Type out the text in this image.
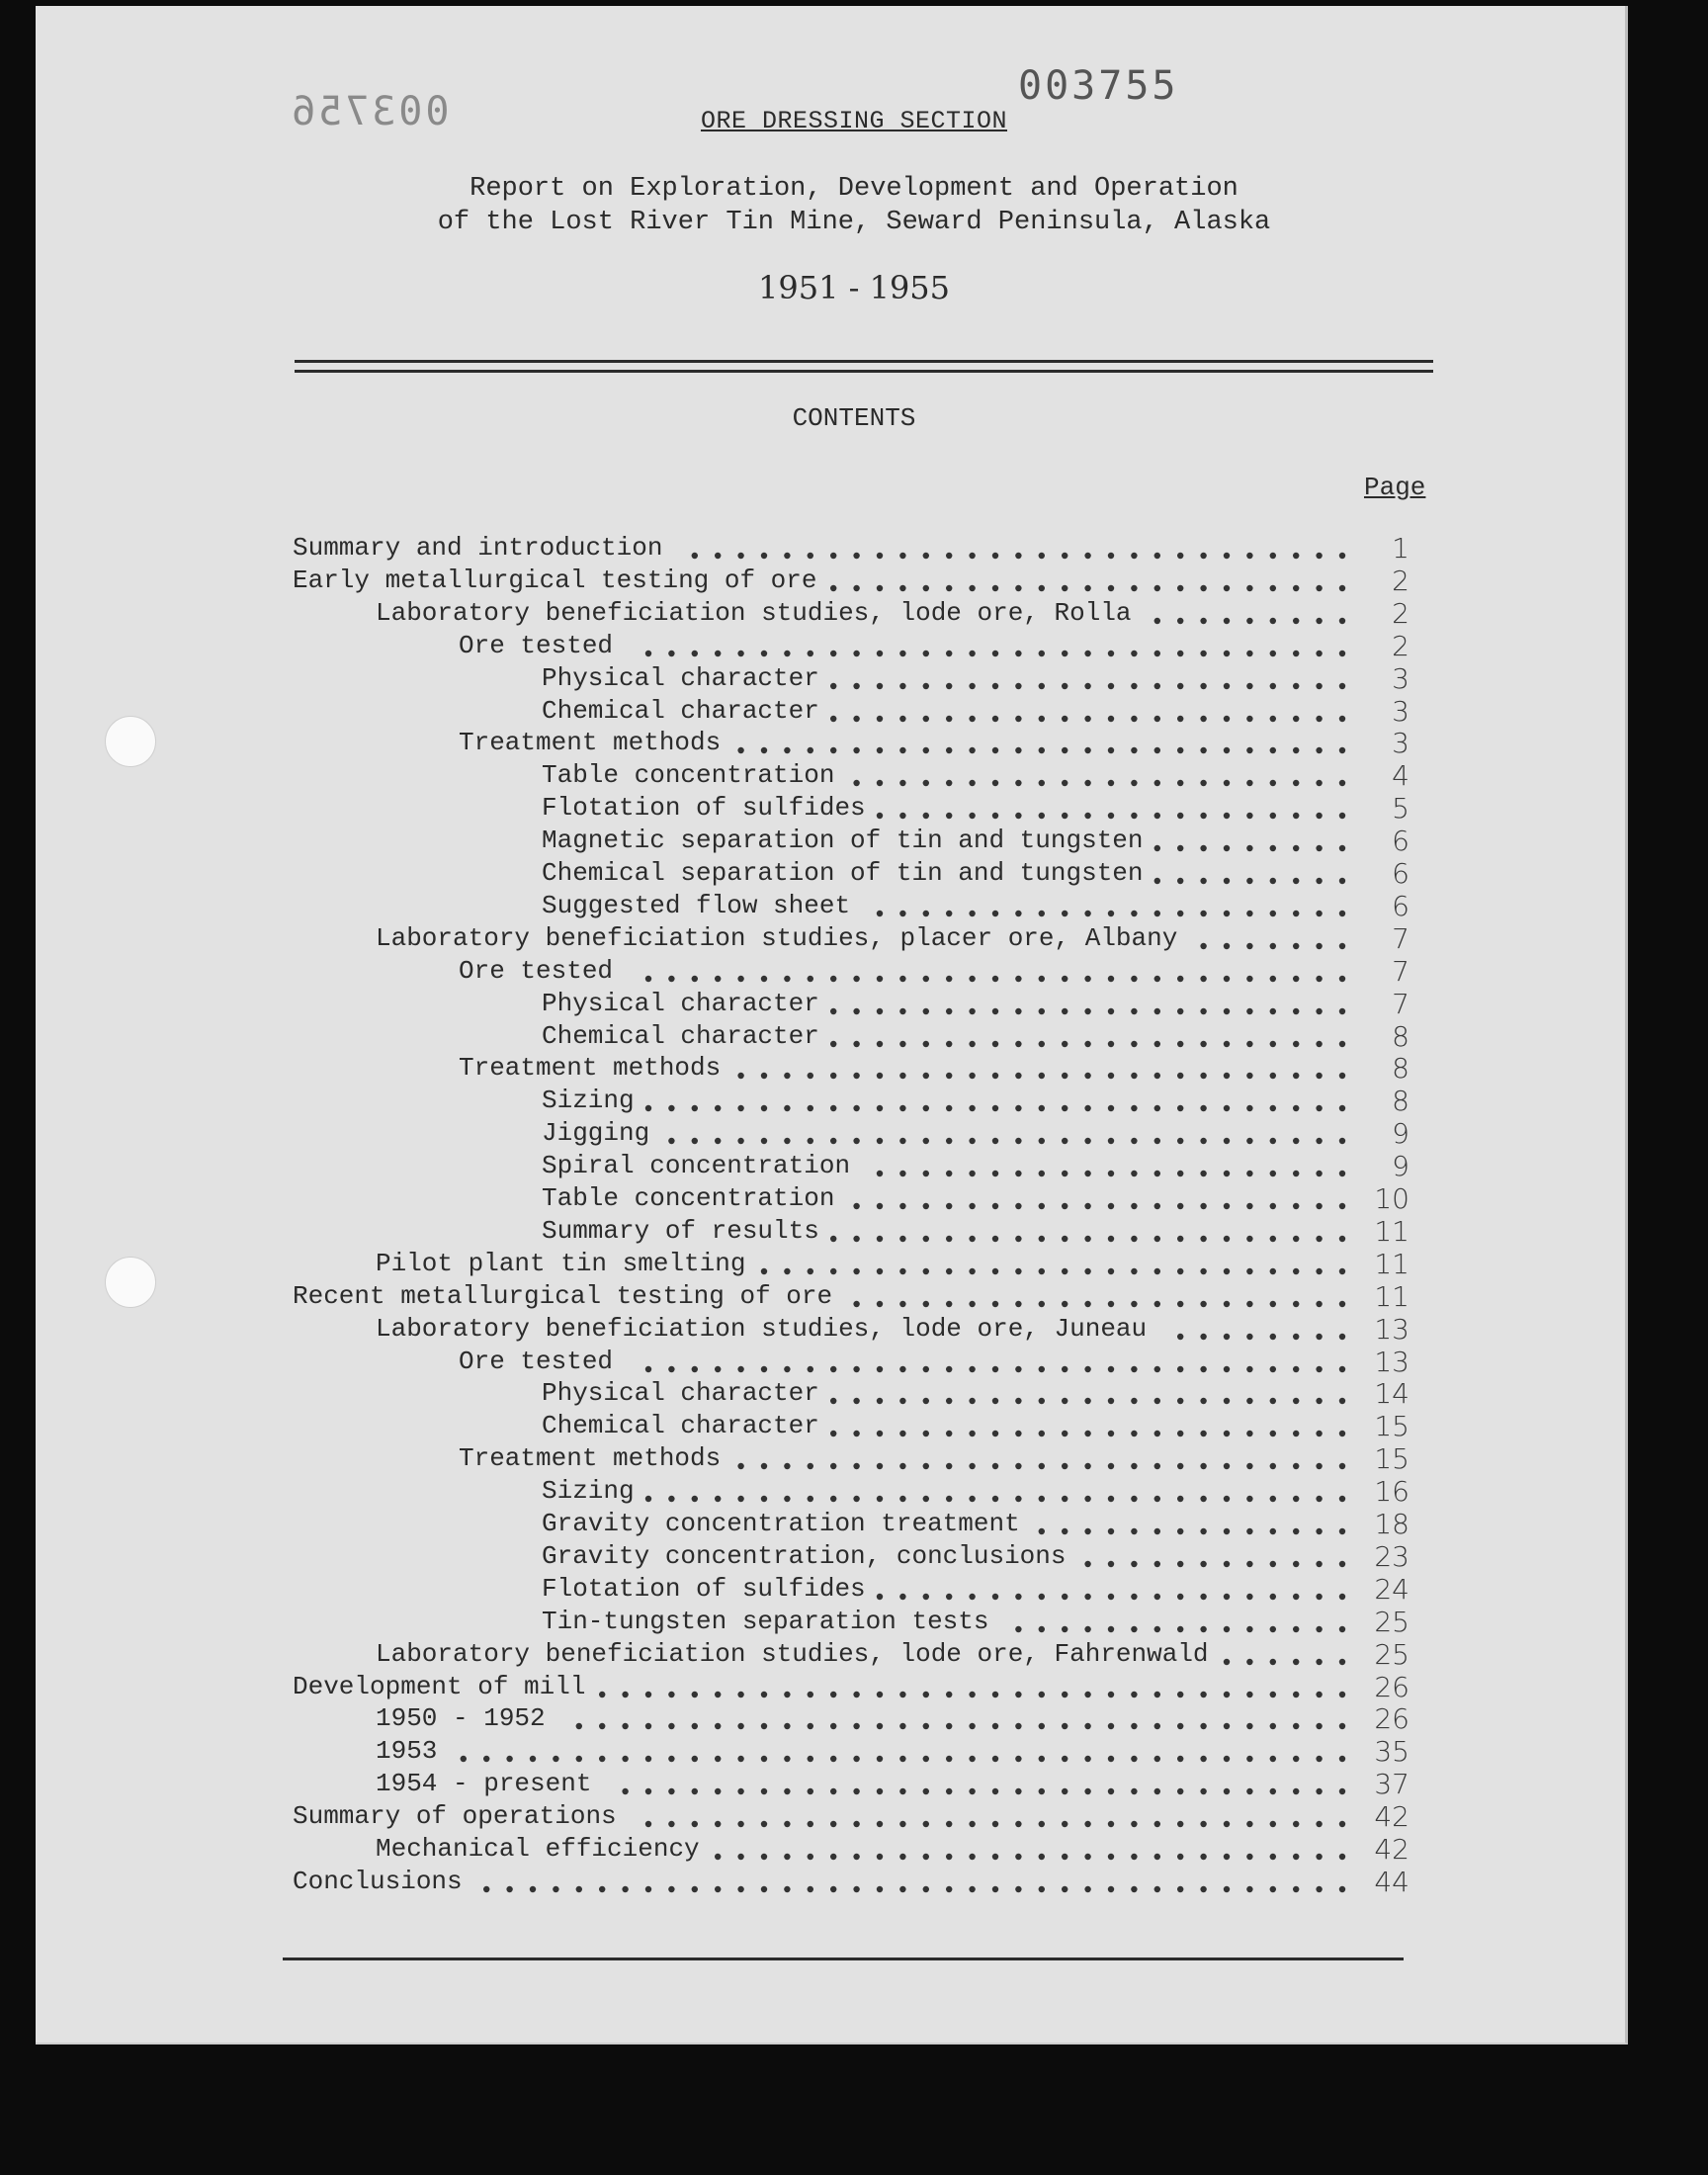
003755
003756	ORE DRESSING SECTION
Report on Exploration, Development and Operation
of the Lost River Tin Mine, Seward Peninsula, Alaska
1951 - 1955
CONTENTS
Page
Summary and introduction	1
Early metallurgical testing of ore	2
Laboratory beneficiation studies, lode ore, Rolla	2
Ore tested	2
Physical character	3
Chemical character	3
Treatment methods	3
Table concentration	4
Flotation of sulfides	5
Magnetic separation of tin and tungsten	6
Chemical separation of tin and tungsten	6
Suggested flow sheet	6
Laboratory beneficiation studies, placer ore, Albany	7
Ore tested	7
Physical character	7
Chemical character	8
Treatment methods	8
Sizing	8
Jigging	9
Spiral concentration	9
Table concentration	10
Summary of results	11
Pilot plant tin smelting	11
Recent metallurgical testing of ore	11
Laboratory beneficiation studies, lode ore, Juneau	13
Ore tested	13
Physical character	14
Chemical character	15
Treatment methods	15
Sizing	16
Gravity concentration treatment	18
Gravity concentration, conclusions	23
Flotation of sulfides	24
Tin-tungsten separation tests	25
Laboratory beneficiation studies, lode ore, Fahrenwald	25
Development of mill	26
1950 - 1952	26
1953	35
1954 - present	37
Summary of operations	42
Mechanical efficiency	42
Conclusions	44
